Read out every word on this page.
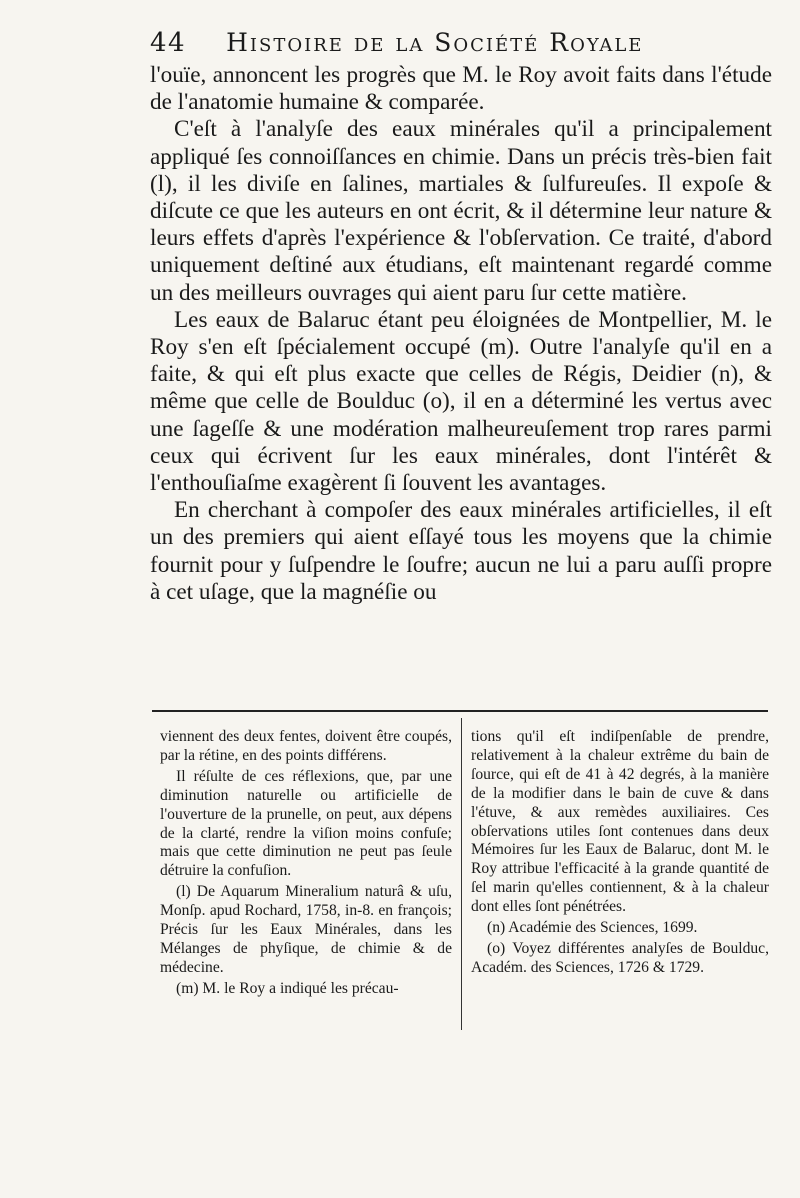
44 Histoire de la Société Royale

l'ouïe, annoncent les progrès que M. le Roy avoit faits dans l'étude de l'anatomie humaine & comparée.

C'eſt à l'analyſe des eaux minérales qu'il a principalement appliqué ſes connoiſſances en chimie. Dans un précis très-bien fait (l), il les diviſe en ſalines, martiales & ſulfureuſes. Il expoſe & diſcute ce que les auteurs en ont écrit, & il détermine leur nature & leurs effets d'après l'expérience & l'obſervation. Ce traité, d'abord uniquement deſtiné aux étudians, eſt maintenant regardé comme un des meilleurs ouvrages qui aient paru ſur cette matière.

Les eaux de Balaruc étant peu éloignées de Montpellier, M. le Roy s'en eſt ſpécialement occupé (m). Outre l'analyſe qu'il en a faite, & qui eſt plus exacte que celles de Régis, Deidier (n), & même que celle de Boulduc (o), il en a déterminé les vertus avec une ſageſſe & une modération malheureuſement trop rares parmi ceux qui écrivent ſur les eaux minérales, dont l'intérêt & l'enthouſiaſme exagèrent ſi ſouvent les avantages.

En cherchant à compoſer des eaux minérales artificielles, il eſt un des premiers qui aient eſſayé tous les moyens que la chimie fournit pour y ſuſpendre le ſoufre; aucun ne lui a paru auſſi propre à cet uſage, que la magnéſie ou

viennent des deux fentes, doivent être coupés, par la rétine, en des points différens.

Il réſulte de ces réflexions, que, par une diminution naturelle ou artificielle de l'ouverture de la prunelle, on peut, aux dépens de la clarté, rendre la viſion moins confuſe; mais que cette diminution ne peut pas ſeule détruire la confuſion.

(l) De Aquarum Mineralium naturâ & uſu, Monſp. apud Rochard, 1758, in-8. en françois; Précis ſur les Eaux Minérales, dans les Mélanges de phyſique, de chimie & de médecine.

(m) M. le Roy a indiqué les précau-

tions qu'il eſt indiſpenſable de prendre, relativement à la chaleur extrême du bain de ſource, qui eſt de 41 à 42 degrés, à la manière de la modifier dans le bain de cuve & dans l'étuve, & aux remèdes auxiliaires. Ces obſervations utiles ſont contenues dans deux Mémoires ſur les Eaux de Balaruc, dont M. le Roy attribue l'efficacité à la grande quantité de ſel marin qu'elles contiennent, & à la chaleur dont elles ſont pénétrées.

(n) Académie des Sciences, 1699.

(o) Voyez différentes analyſes de Boulduc, Académ. des Sciences, 1726 & 1729.
